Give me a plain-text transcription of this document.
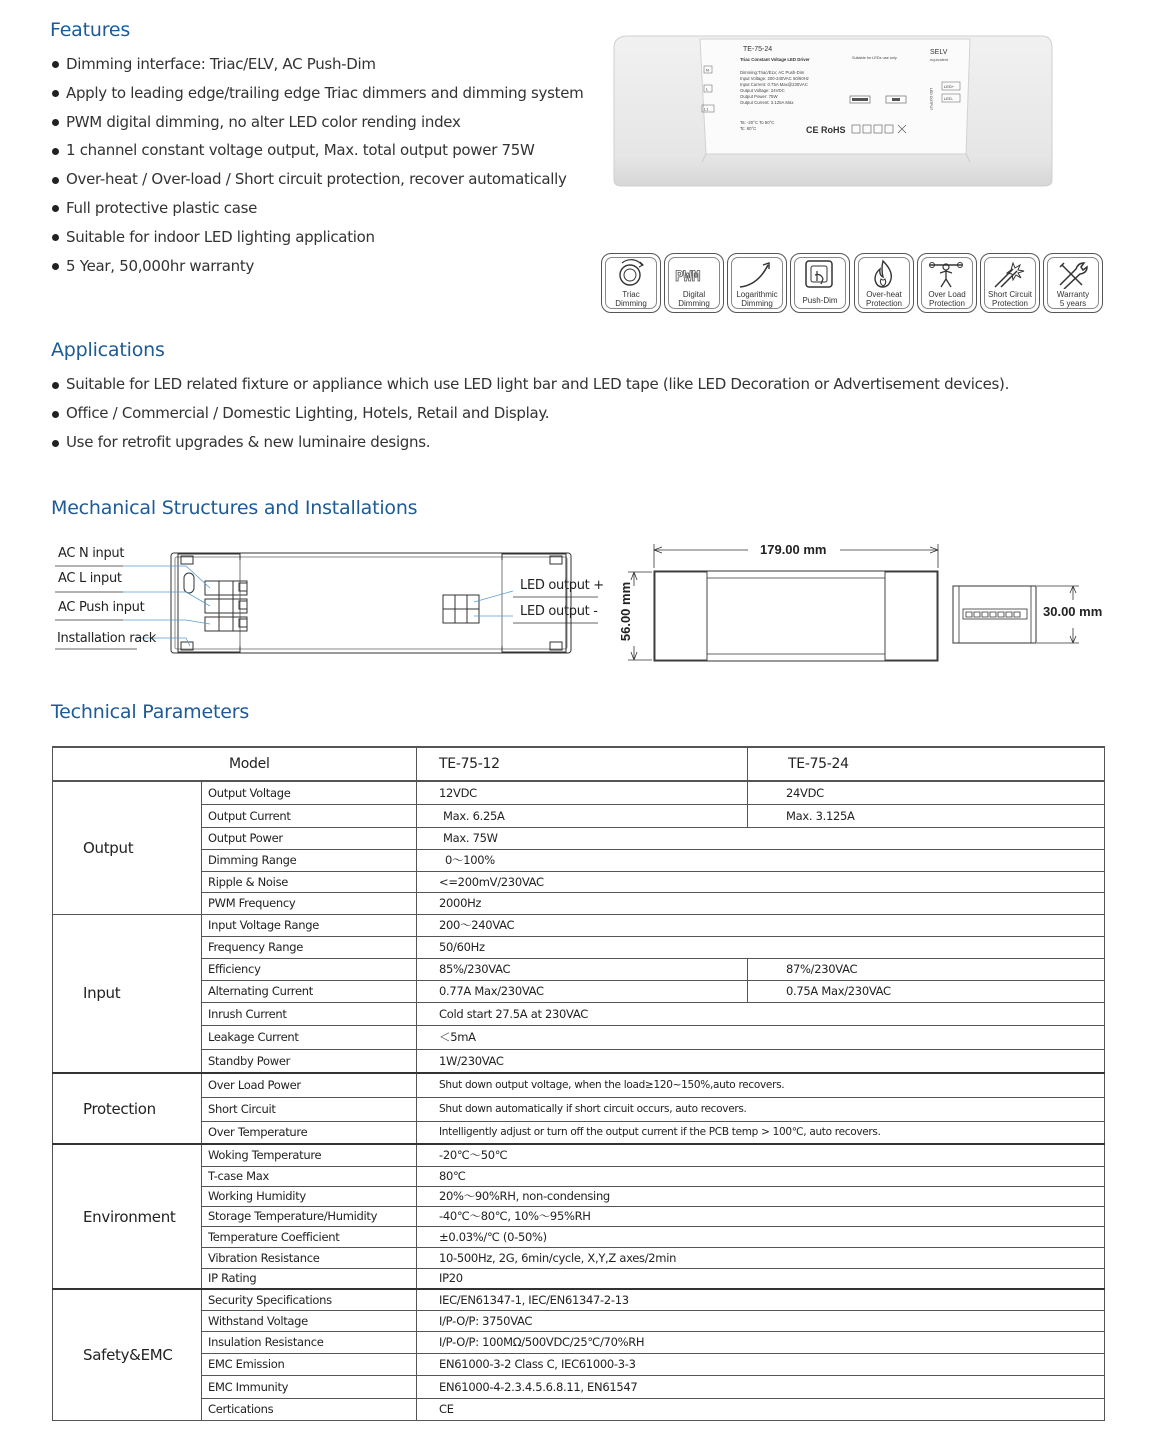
Features
Dimming interface: Triac/ELV, AC Push-Dim
Apply to leading edge/trailing edge Triac dimmers and dimming system
PWM digital dimming, no alter LED color rending index
1 channel constant voltage output, Max. total output power 75W
Over-heat / Over-load / Short circuit protection, recover automatically
Full protective plastic case
Suitable for indoor LED lighting application
5 Year, 50,000hr warranty
TE-75-24
Triac Constant Voltage LED Driver	Suitable for LEDs use only
SELV
equivalent
N
L
L1
Dimming:Triac/ELV, AC Push-Dim
Input Voltage: 200-240VAC 50/60Hz
Input Current: 0.75A Max@230VAC
Output Voltage: 24VDC
Output Power: 75W
Output Current: 3.125A Max
Ta: -20°C To 50°C
Tc: 80°C	CE RoHS
LED OUTPUT
LED+
LED-
Triac
Dimming
PWM
Digital
Dimming
Logarithmic
Dimming	Push-Dim
Over-heat
Protection
Over Load
Protection
Short Circuit
Protection
Warranty
5 years
Applications
Suitable for LED related fixture or appliance which use LED light bar and LED tape (like LED Decoration or Advertisement devices).
Office / Commercial / Domestic Lighting, Hotels, Retail and Display.
Use for retrofit upgrades & new luminaire designs.
Mechanical Structures and Installations
AC N input
AC L input
AC Push input
Installation rack
LED output +
LED output -
179.00 mm
56.00 mm	30.00 mm
Technical Parameters
Model		TE-75-12	TE-75-24
Output	Output Voltage	12VDC	24VDC
	Output Current	Max. 6.25A	Max. 3.125A
	Output Power	Max. 75W	
	Dimming Range	0～100%	
	Ripple & Noise	<=200mV/230VAC	
	PWM Frequency	2000Hz	
Input	Input Voltage Range	200～240VAC	
	Frequency Range	50/60Hz	
	Efficiency	85%/230VAC	87%/230VAC
	Alternating Current	0.77A Max/230VAC	0.75A Max/230VAC
	Inrush Current	Cold start 27.5A at 230VAC	
	Leakage Current	＜5mA	
	Standby Power	1W/230VAC	
Protection	Over Load Power	Shut down output voltage, when the load≥120~150%,auto recovers.	
	Short Circuit	Shut down automatically if short circuit occurs, auto recovers.	
	Over Temperature	Intelligently adjust or turn off the output current if the PCB temp > 100℃, auto recovers.	
Environment	Woking Temperature	-20℃～50℃	
	T-case Max	80℃	
	Working Humidity	20%～90%RH, non-condensing	
	Storage Temperature/Humidity	-40℃～80℃, 10%～95%RH	
	Temperature Coefficient	±0.03%/℃ (0-50%)	
	Vibration Resistance	10-500Hz, 2G, 6min/cycle, X,Y,Z axes/2min	
	IP Rating	IP20	
Safety&EMC	Security Specifications	IEC/EN61347-1, IEC/EN61347-2-13	
	Withstand Voltage	I/P-O/P: 3750VAC	
	Insulation Resistance	I/P-O/P: 100MΩ/500VDC/25℃/70%RH	
	EMC Emission	EN61000-3-2 Class C, IEC61000-3-3	
	EMC Immunity	EN61000-4-2.3.4.5.6.8.11, EN61547	
	Certications	CE	
